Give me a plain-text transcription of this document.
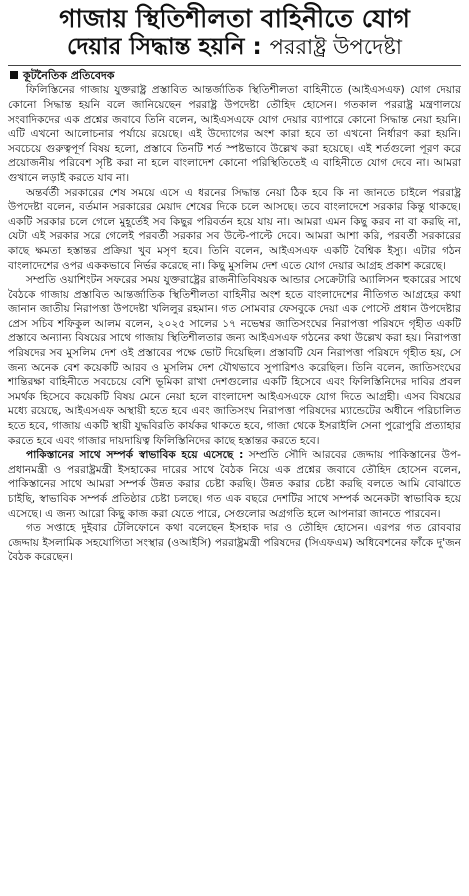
গাজায় স্থিতিশীলতা বাহিনীতে যোগ
দেয়ার সিদ্ধান্ত হয়নি : পররাষ্ট্র উপদেষ্টা
কূটনৈতিক প্রতিবেদক

ফিলিস্তিনের গাজায় যুক্তরাষ্ট্র প্রস্তাবিত আন্তর্জাতিক স্থিতিশীলতা বাহিনীতে (আইএসএফ) যোগ দেয়ার কোনো সিদ্ধান্ত হয়নি বলে জানিয়েছেন পররাষ্ট্র উপদেষ্টা তৌহিদ হোসেন। গতকাল পররাষ্ট্র মন্ত্রণালয়ে সংবাদিকদের এক প্রশ্নের জবাবে তিনি বলেন, আইএসএফে যোগ দেয়ার ব্যাপারে কোনো সিদ্ধান্ত নেয়া হয়নি। এটি এখনো আলোচনার পর্যায়ে রয়েছে। এই উদ্যোগের অংশ কারা হবে তা এখনো নির্ধারণ করা হয়নি। সবচেয়ে গুরুত্বপূর্ণ বিষয় হলো, প্রস্তাবে তিনটি শর্ত স্পষ্টভাবে উল্লেখ করা হয়েছে। এই শর্তগুলো পূরণ করে প্রয়োজনীয় পরিবেশ সৃষ্টি করা না হলে বাংলাদেশ কোনো পরিস্থিতিতেই এ বাহিনীতে যোগ দেবে না। আমরা গুখানে লড়াই করতে যাব না।

অন্তর্বর্তী সরকারের শেষ সময়ে এসে এ ধরনের সিদ্ধান্ত নেয়া ঠিক হবে কি না জানতে চাইলে পররাষ্ট্র উপদেষ্টা বলেন, বর্তমান সরকারের মেয়াদ শেষের দিকে চলে আসছে। তবে বাংলাদেশে সরকার কিন্তু থাকছে। একটি সরকার চলে গেলে মুহূর্তেই সব কিছুর পরিবর্তন হয়ে যায় না। আমরা এমন কিছু করব না বা করছি না, যেটা এই সরকার সরে গেলেই পরবর্তী সরকার সব উল্টে-পাল্টে দেবে। আমরা আশা করি, পরবর্তী সরকারের কাছে ক্ষমতা হস্তান্তর প্রক্রিয়া খুব মসৃণ হবে। তিনি বলেন, আইএসএফ একটি বৈশ্বিক ইস্যু। এটার গঠন বাংলাদেশের ওপর এককভাবে নির্ভর করেছে না। কিছু মুসলিম দেশ এতে যোগ দেয়ার আগ্রহ প্রকাশ করেছে।

সম্প্রতি ওয়াশিংটন সফরের সময় যুক্তরাষ্ট্রের রাজনীতিবিষয়ক আন্ডার সেক্রেটারি অ্যালিসন হুকারের সাথে বৈঠকে গাজায় প্রস্তাবিত আন্তর্জাতিক স্থিতিশীলতা বাহিনীর অংশ হতে বাংলাদেশের নীতিগত আগ্রহের কথা জানান জাতীয় নিরাপত্তা উপদেষ্টা খলিলুর রহমান। গত সোমবার ফেসবুকে দেয়া এক পোস্টে প্রধান উপদেষ্টার প্রেস সচিব শফিকুল আলম বলেন, ২০২৫ সালের ১৭ নভেম্বর জাতিসংঘের নিরাপত্তা পরিষদে গৃহীত একটি প্রস্তাবে অন্যান্য বিষয়ের সাথে গাজায় স্থিতিশীলতার জন্য আইএসএফ গঠনের কথা উল্লেখ করা হয়। নিরাপত্তা পরিষদের সব মুসলিম দেশ ওই প্রস্তাবের পক্ষে ভোট দিয়েছিল। প্রস্তাবটি যেন নিরাপত্তা পরিষদে গৃহীত হয়, সে জন্য অনেক বেশ কয়েকটি আরব ও মুসলিম দেশ যৌথভাবে সুপারিশও করেছিল। তিনি বলেন, জাতিসংঘের শান্তিরক্ষা বাহিনীতে সবচেয়ে বেশি ভূমিকা রাখা দেশগুলোর একটি হিসেবে এবং ফিলিস্তিনিদের দাবির প্রবল সমর্থক হিসেবে কয়েকটি বিষয় মেনে নেয়া হলে বাংলাদেশ আইএসএফে যোগ দিতে আগ্রহী। এসব বিষয়ের মধ্যে রয়েছে, আইএসএফ অস্থায়ী হতে হবে এবং জাতিসংঘ নিরাপত্তা পরিষদের ম্যান্ডেটের অধীনে পরিচালিত হতে হবে, গাজায় একটি স্থায়ী যুদ্ধবিরতি কার্যকর থাকতে হবে, গাজা থেকে ইসরাইলি সেনা পুরোপুরি প্রত্যাহার করতে হবে এবং গাজার দায়দায়িত্ব ফিলিস্তিনিদের কাছে হস্তান্তর করতে হবে।

পাকিস্তানের সাথে সম্পর্ক স্বাভাবিক হয়ে এসেছে : সম্প্রতি সৌদি আরবের জেদ্দায় পাকিস্তানের উপ-প্রধানমন্ত্রী ও পররাষ্ট্রমন্ত্রী ইসহাকের দারের সাথে বৈঠক নিয়ে এক প্রশ্নের জবাবে তৌহিদ হোসেন বলেন, পাকিস্তানের সাথে আমরা সম্পর্ক উন্নত করার চেষ্টা করছি। উন্নত করার চেষ্টা করছি বলতে আমি বোঝাতে চাইছি, স্বাভাবিক সম্পর্ক প্রতিষ্ঠার চেষ্টা চলছে। গত এক বছরে দেশটির সাথে সম্পর্ক অনেকটা স্বাভাবিক হয়ে এসেছে। এ জন্য আরো কিছু কাজ করা যেতে পারে, সেগুলোর অগ্রগতি হলে আপনারা জানতে পারবেন।

গত সপ্তাহে দুইবার টেলিফোনে কথা বলেছেন ইসহাক দার ও তৌহিদ হোসেন। এরপর গত রোববার জেদ্দায় ইসলামিক সহযোগিতা সংস্থার (ওআইসি) পররাষ্ট্রমন্ত্রী পরিষদের (সিএফএম) অধিবেশনের ফাঁকে দু'জন বৈঠক করেছেন।
